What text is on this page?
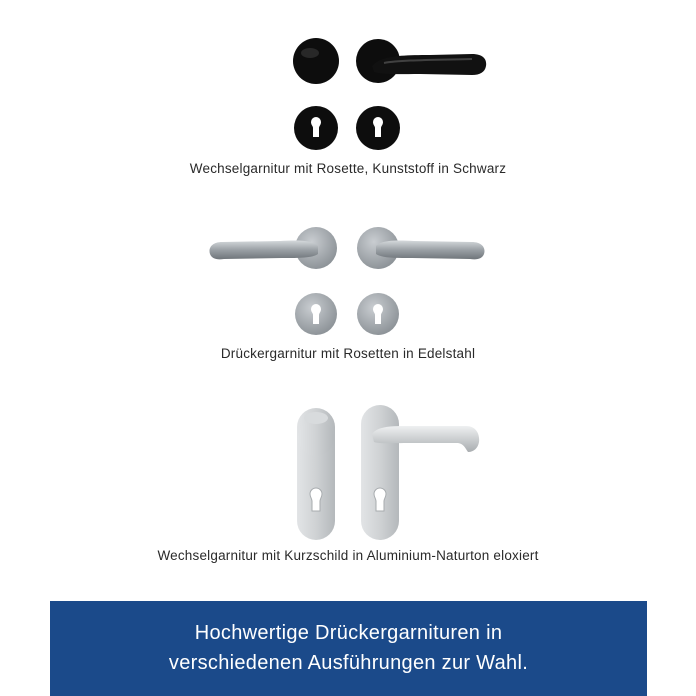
Wechselgarnitur mit Rosette, Kunststoff in Schwarz
Drückergarnitur mit Rosetten in Edelstahl
Wechselgarnitur mit Kurzschild in Aluminium-Naturton eloxiert
Hochwertige Drückergarnituren in
verschiedenen Ausführungen zur Wahl.
